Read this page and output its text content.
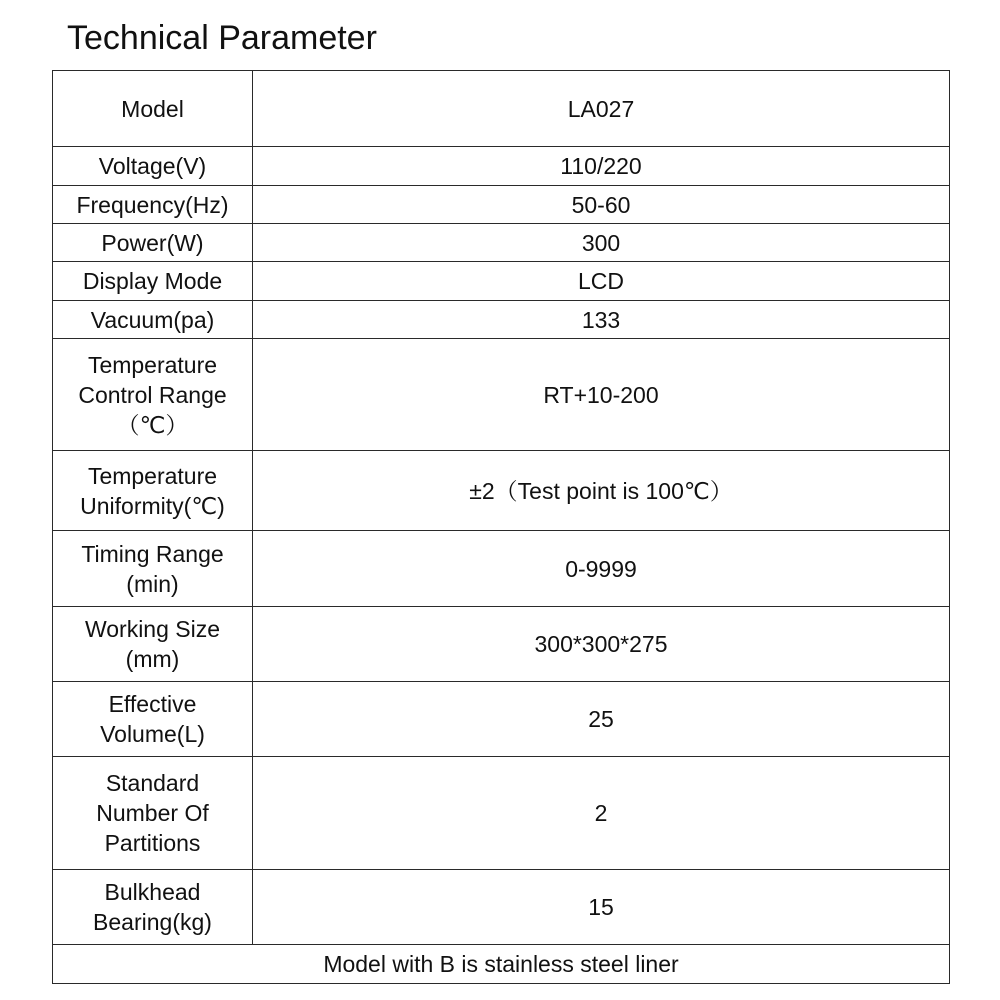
Technical Parameter
Model	LA027
Voltage(V)	110/220
Frequency(Hz)	50-60
Power(W)	300
Display Mode	LCD
Vacuum(pa)	133
Temperature
Control Range
（℃）	RT+10-200
Temperature
Uniformity(℃)	±2（Test point is 100℃）
Timing Range
(min)	0-9999
Working Size
(mm)	300*300*275
Effective
Volume(L)	25
Standard
Number Of
Partitions	2
Bulkhead
Bearing(kg)	15
Model with B is stainless steel liner	
